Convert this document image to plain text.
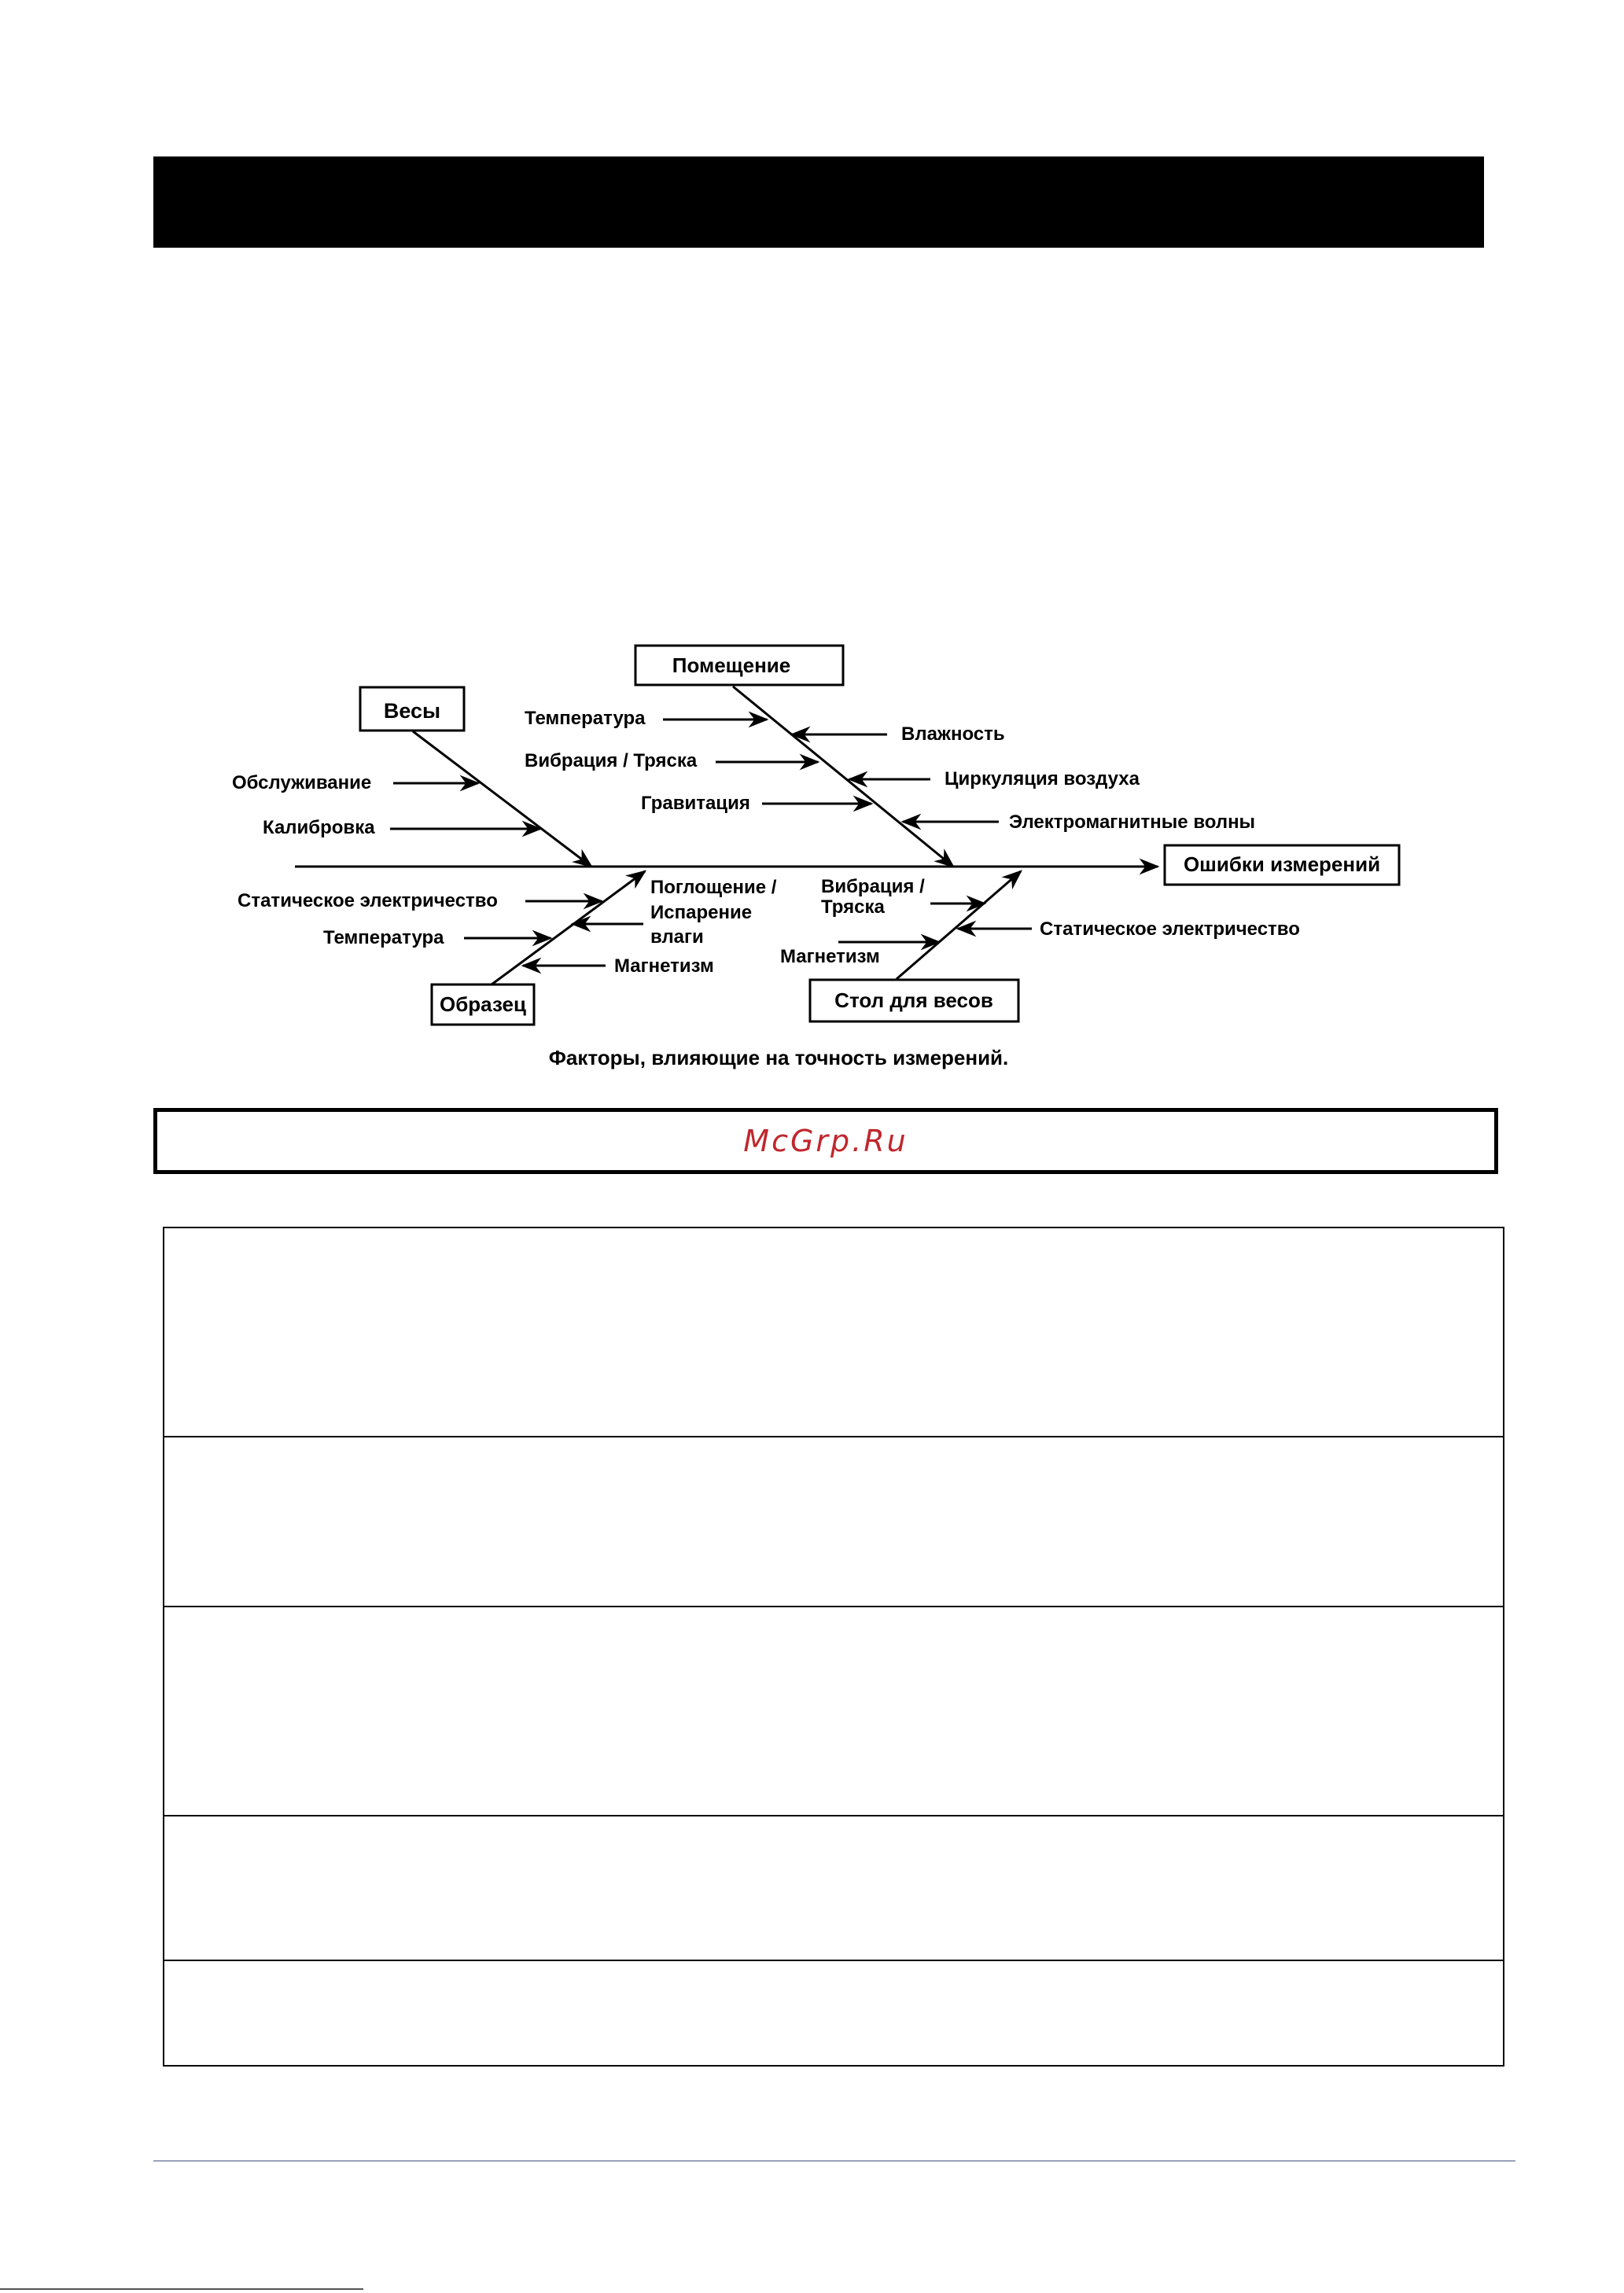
Весы
Помещение
Образец	Стол для весов
Ошибки измерений
Обслуживание
Калибровка
Температура
Вибрация / Тряска
Гравитация
Влажность
Циркуляция воздуха
Электромагнитные волны
Статическое электричество
Температура
Поглощение /
Испарение
влаги
Магнетизм
Вибрация /
Тряска
Магнетизм
Статическое электричество
Факторы, влияющие на точность измерений.
McGrp.Ru
